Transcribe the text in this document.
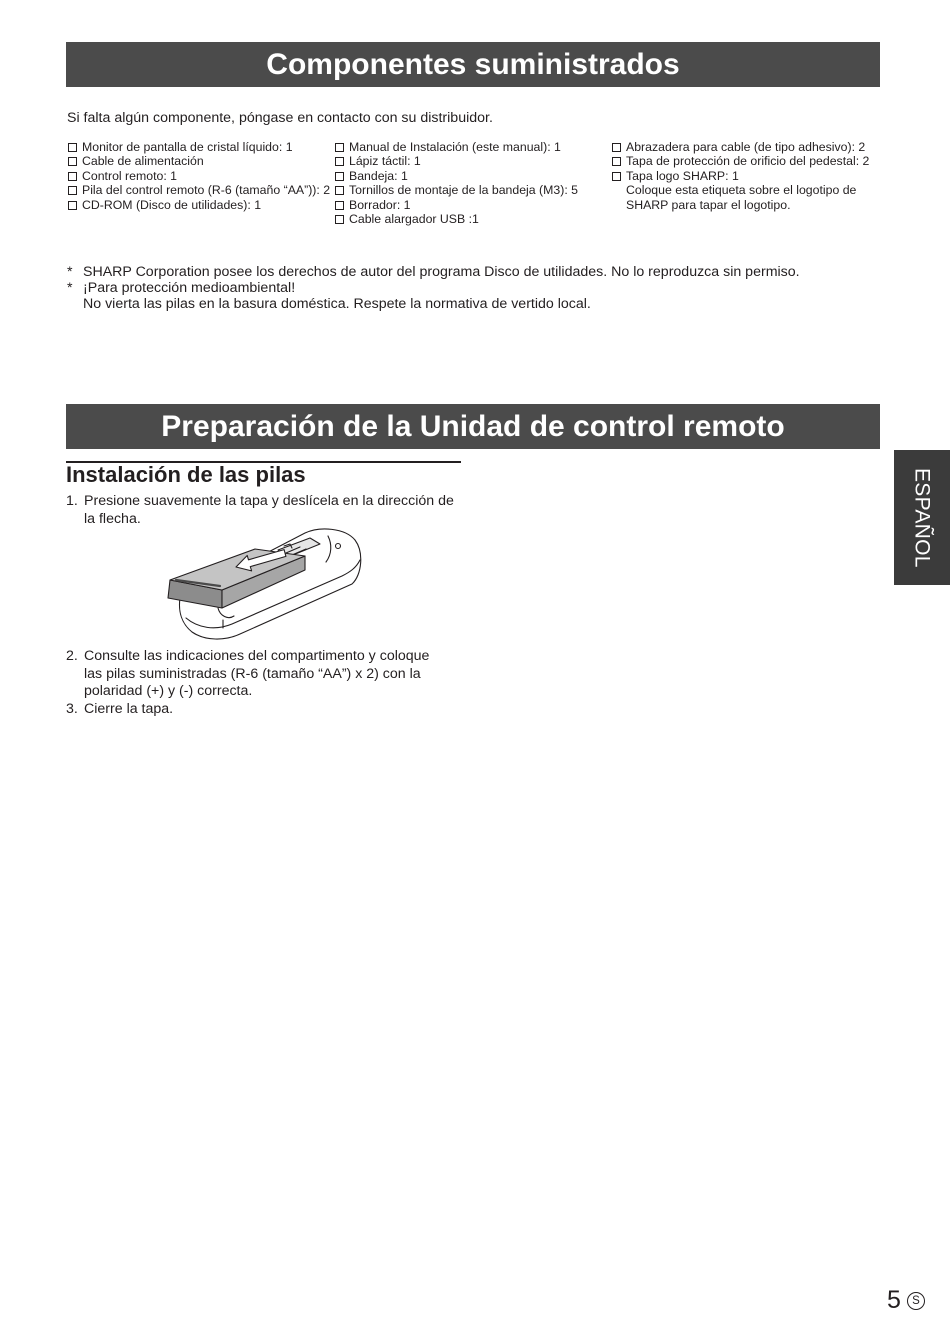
Componentes suministrados
Si falta algún componente, póngase en contacto con su distribuidor.
Monitor de pantalla de cristal líquido: 1
Cable de alimentación
Control remoto: 1
Pila del control remoto (R-6 (tamaño “AA”)): 2
CD-ROM (Disco de utilidades): 1
Manual de Instalación (este manual): 1
Lápiz táctil: 1
Bandeja: 1
Tornillos de montaje de la bandeja (M3): 5
Borrador: 1
Cable alargador USB :1
Abrazadera para cable (de tipo adhesivo): 2
Tapa de protección de orificio del pedestal: 2
Tapa logo SHARP: 1
Coloque esta etiqueta sobre el logotipo de
SHARP para tapar el logotipo.
* SHARP Corporation posee los derechos de autor del programa Disco de utilidades. No lo reproduzca sin permiso.
* ¡Para protección medioambiental!
No vierta las pilas en la basura doméstica. Respete la normativa de vertido local.
Preparación de la Unidad de control remoto
ESPAÑOL
Instalación de las pilas
1. Presione suavemente la tapa y deslícela en la dirección de
la flecha.
2. Consulte las indicaciones del compartimento y coloque
las pilas suministradas (R-6 (tamaño “AA”) x 2) con la
polaridad (+) y (-) correcta.
3. Cierre la tapa.
5 S
